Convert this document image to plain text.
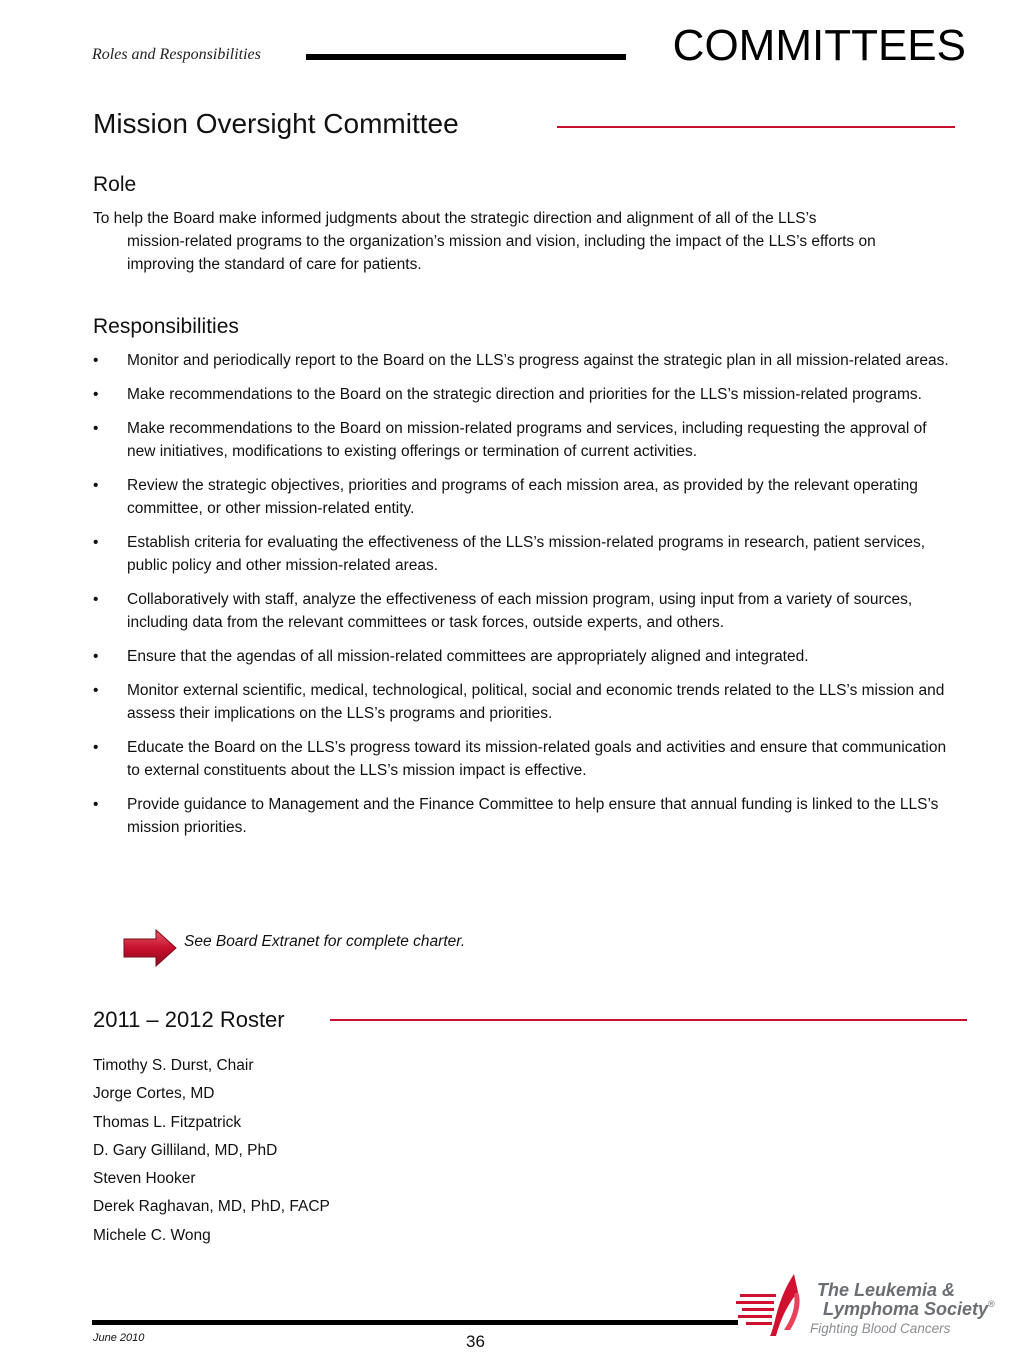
Roles and Responsibilities	COMMITTEES
Mission Oversight Committee
Role
To help the Board make informed judgments about the strategic direction and alignment of all of the LLS’s
mission-related programs to the organization’s mission and vision, including the impact of the LLS’s efforts on improving the standard of care for patients.
Responsibilities
• Monitor and periodically report to the Board on the LLS’s progress against the strategic plan in all mission-related areas.
• Make recommendations to the Board on the strategic direction and priorities for the LLS’s mission-related programs.
• Make recommendations to the Board on mission-related programs and services, including requesting the approval of new initiatives, modifications to existing offerings or termination of current activities.
• Review the strategic objectives, priorities and programs of each mission area, as provided by the relevant operating committee, or other mission-related entity.
• Establish criteria for evaluating the effectiveness of the LLS’s mission-related programs in research, patient services, public policy and other mission-related areas.
• Collaboratively with staff, analyze the effectiveness of each mission program, using input from a variety of sources, including data from the relevant committees or task forces, outside experts, and others.
• Ensure that the agendas of all mission-related committees are appropriately aligned and integrated.
• Monitor external scientific, medical, technological, political, social and economic trends related to the LLS’s mission and assess their implications on the LLS’s programs and priorities.
• Educate the Board on the LLS’s progress toward its mission-related goals and activities and ensure that communication to external constituents about the LLS’s mission impact is effective.
• Provide guidance to Management and the Finance Committee to help ensure that annual funding is linked to the LLS’s mission priorities.
See Board Extranet for complete charter.
2011 – 2012 Roster
Timothy S. Durst, Chair
Jorge Cortes, MD
Thomas L. Fitzpatrick
D. Gary Gilliland, MD, PhD
Steven Hooker
Derek Raghavan, MD, PhD, FACP
Michele C. Wong
June 2010	36
The Leukemia &
Lymphoma Society®
Fighting Blood Cancers
